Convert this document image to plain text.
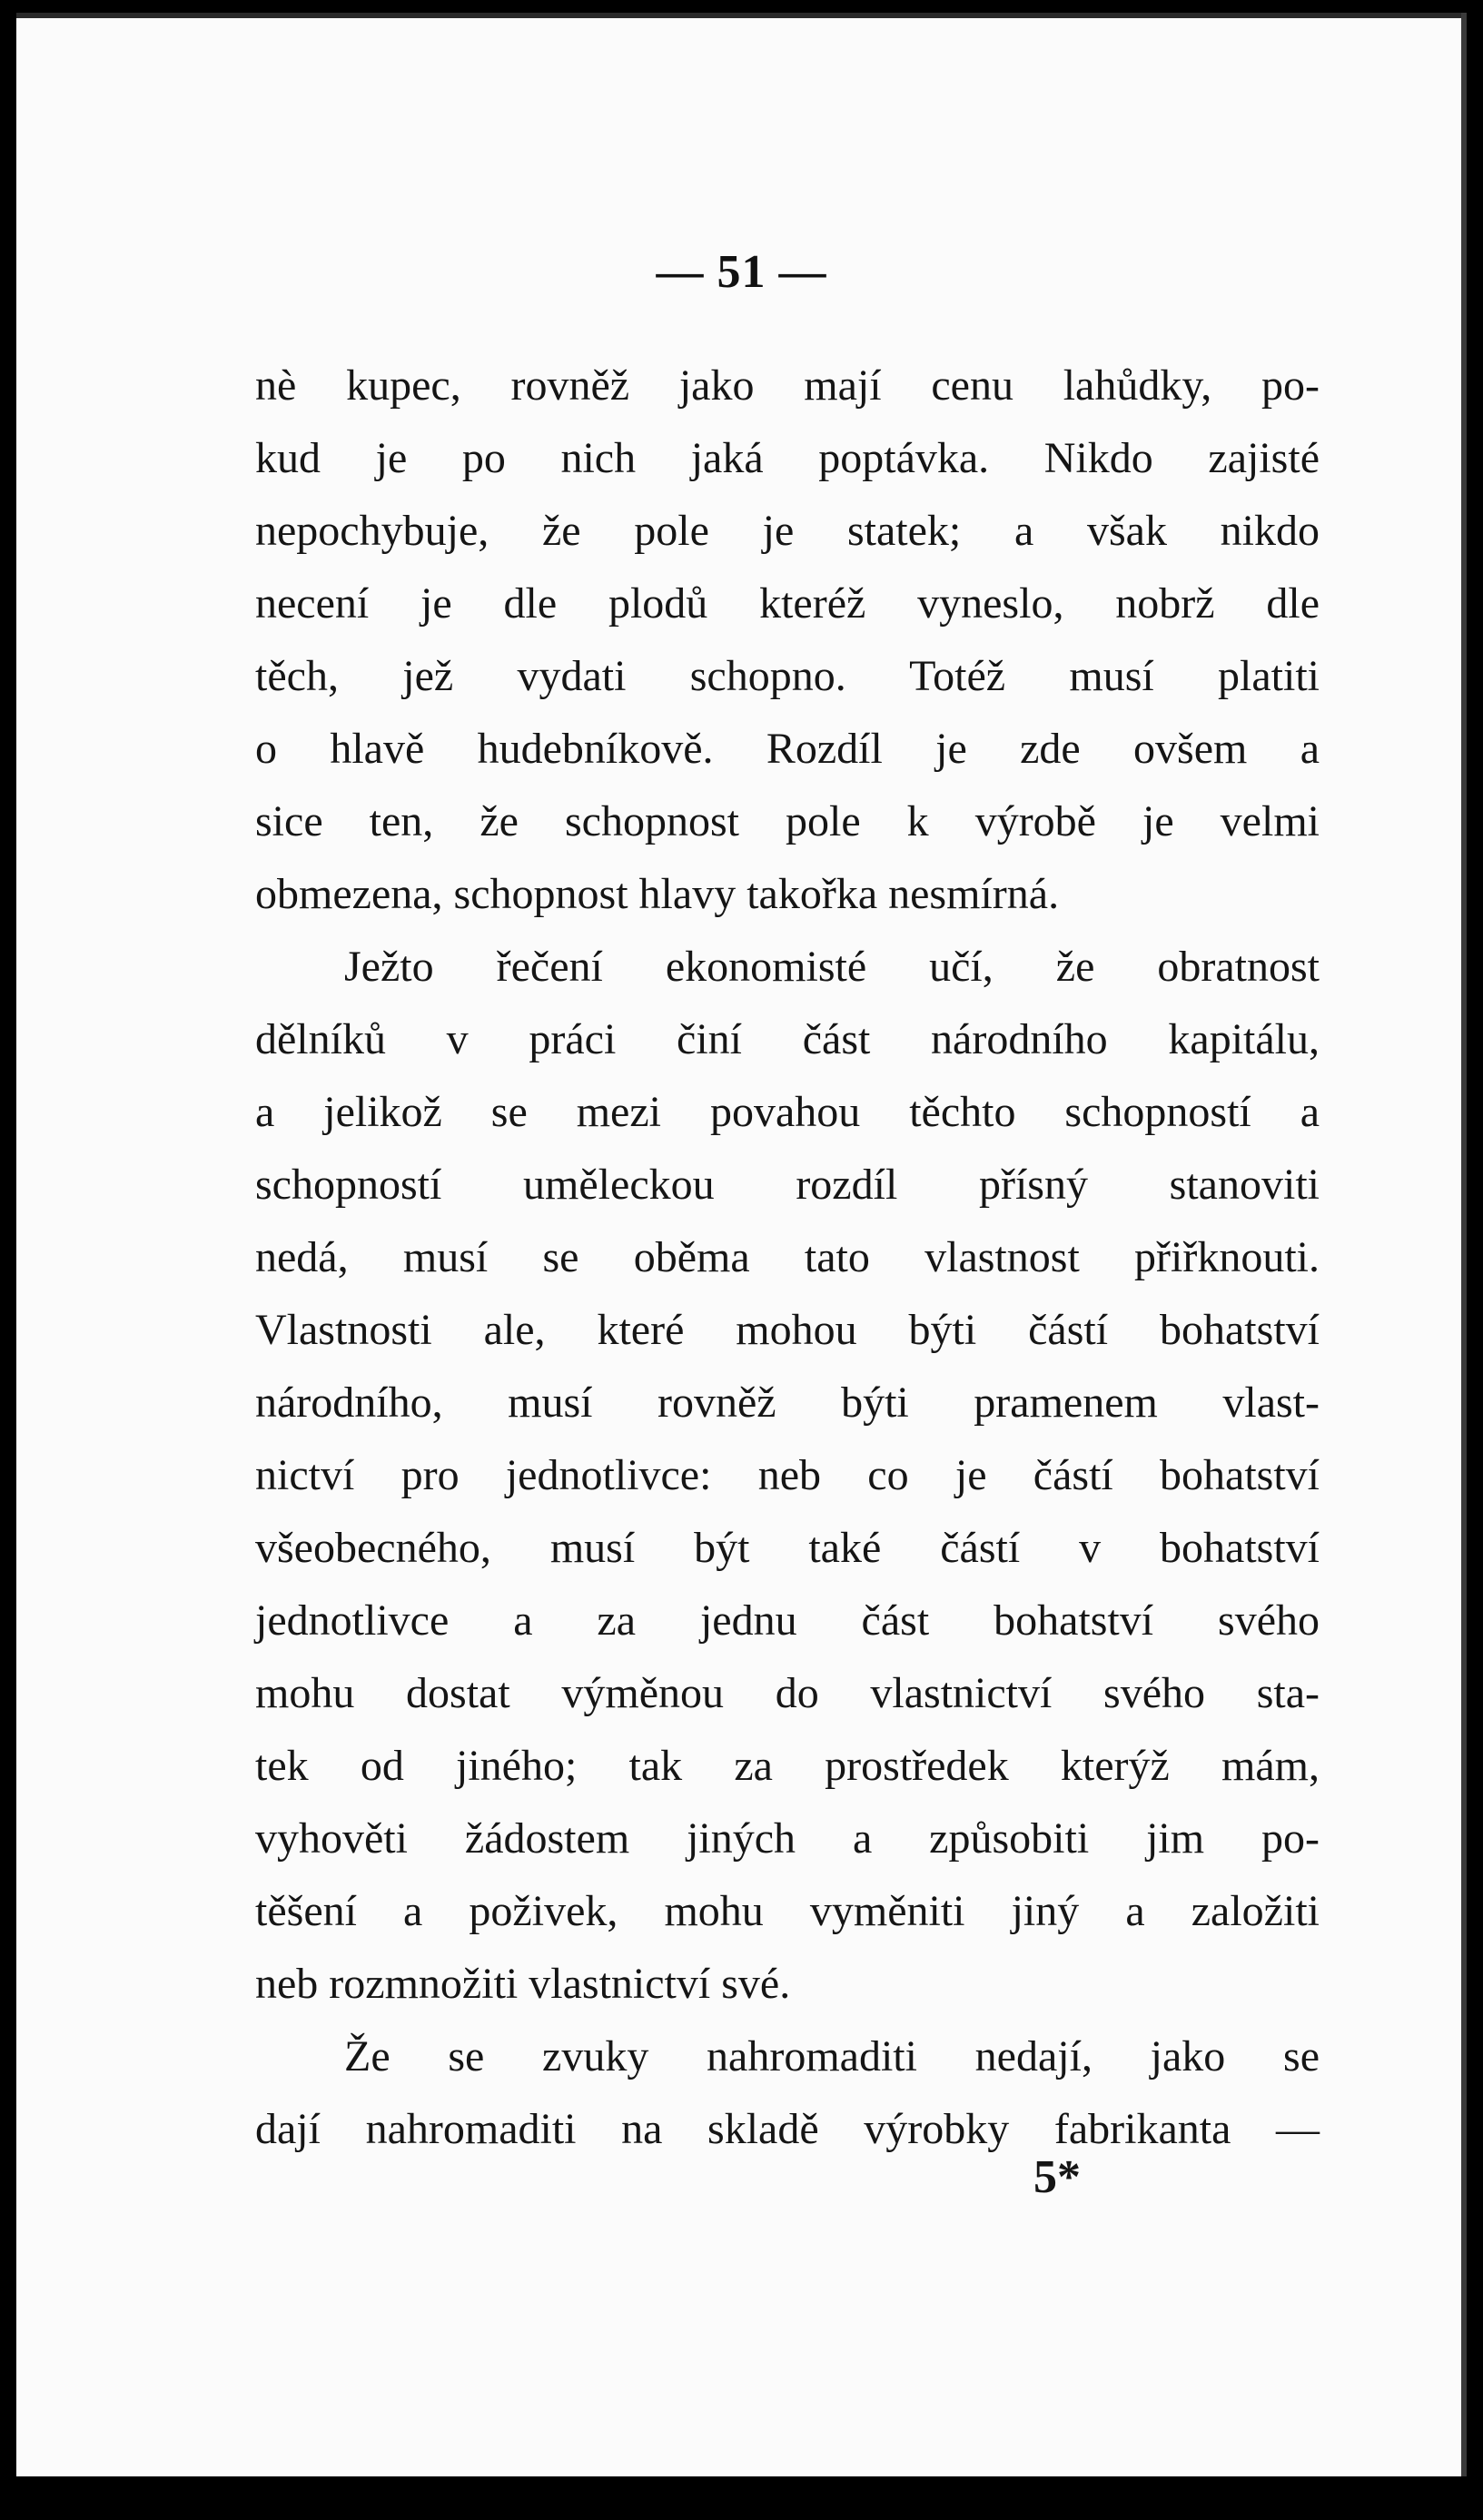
— 51 —
nè kupec, rovněž jako mají cenu lahůdky, po-
kud je po nich jaká poptávka. Nikdo zajisté
nepochybuje, že pole je statek; a však nikdo
necení je dle plodů kteréž vyneslo, nobrž dle
těch, jež vydati schopno. Totéž musí platiti
o hlavě hudebníkově. Rozdíl je zde ovšem a
sice ten, že schopnost pole k výrobě je velmi
obmezena, schopnost hlavy takořka nesmírná.
Ježto řečení ekonomisté učí, že obratnost
dělníků v práci činí část národního kapitálu,
a jelikož se mezi povahou těchto schopností a
schopností uměleckou rozdíl přísný stanoviti
nedá, musí se oběma tato vlastnost přiřknouti.
Vlastnosti ale, které mohou býti částí bohatství
národního, musí rovněž býti pramenem vlast-
nictví pro jednotlivce: neb co je částí bohatství
všeobecného, musí být také částí v bohatství
jednotlivce a za jednu část bohatství svého
mohu dostat výměnou do vlastnictví svého sta-
tek od jiného; tak za prostředek kterýž mám,
vyhověti žádostem jiných a způsobiti jim po-
těšení a poživek, mohu vyměniti jiný a založiti
neb rozmnožiti vlastnictví své.
Že se zvuky nahromaditi nedají, jako se
dají nahromaditi na skladě výrobky fabrikanta —
5*
